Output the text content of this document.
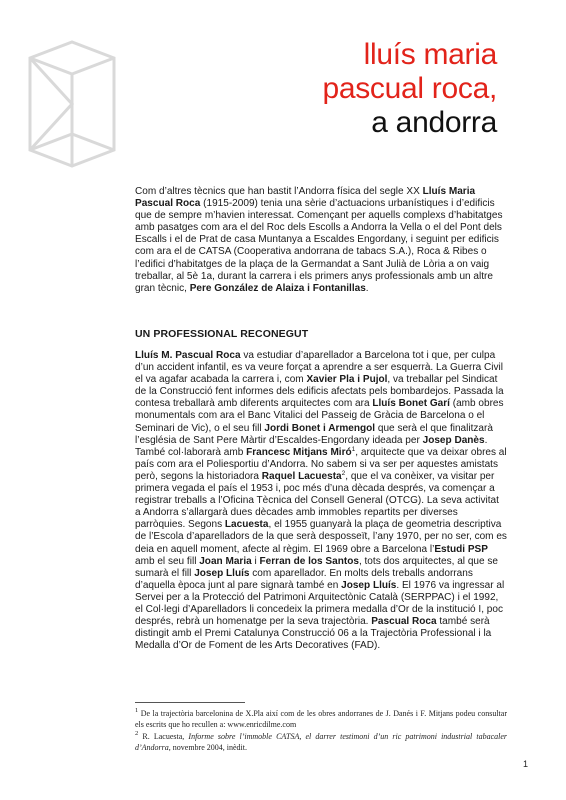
lluís maria
pascual roca,
a andorra

Com d’altres tècnics que han bastit l’Andorra física del segle XX Lluís Maria Pascual Roca (1915-2009) tenia una sèrie d’actuacions urbanístiques i d’edificis que de sempre m’havien interessat. Començant per aquells complexs d’habitatges amb pasatges com ara el del Roc dels Escolls a Andorra la Vella o el del Pont dels Escalls i el de Prat de casa Muntanya a Escaldes Engordany, i seguint per edificis com ara el de CATSA (Cooperativa andorrana de tabacs S.A.), Roca & Ribes o l’edifici d’habitatges de la plaça de la Germandat a Sant Julià de Lòria a on vaig treballar, al 5è 1a, durant la carrera i els primers anys professionals amb un altre gran tècnic, Pere González de Alaiza i Fontanillas.

UN PROFESSIONAL RECONEGUT

Lluís M. Pascual Roca va estudiar d’aparellador a Barcelona tot i que, per culpa d’un accident infantil, es va veure forçat a aprendre a ser esquerrà. La Guerra Civil el va agafar acabada la carrera i, com Xavier Pla i Pujol, va treballar pel Sindicat de la Construcció fent informes dels edificis afectats pels bombardejos. Passada la contesa treballarà amb diferents arquitectes com ara Lluís Bonet Garí (amb obres monumentals com ara el Banc Vitalici del Passeig de Gràcia de Barcelona o el Seminari de Vic), o el seu fill Jordi Bonet i Armengol que serà el que finalitzarà l’església de Sant Pere Màrtir d’Escaldes-Engordany ideada per Josep Danès. També col·laborarà amb Francesc Mitjans Miró$^1$, arquitecte que va deixar obres al país com ara el Poliesportiu d’Andorra. No sabem si va ser per aquestes amistats però, segons la historiadora Raquel Lacuesta$^2$, que el va conèixer, va visitar per primera vegada el país el 1953 i, poc més d’una dècada després, va començar a registrar treballs a l’Oficina Tècnica del Consell General (OTCG). La seva activitat a Andorra s’allargarà dues dècades amb immobles repartits per diverses parròquies. Segons Lacuesta, el 1955 guanyarà la plaça de geometria descriptiva de l’Escola d’aparelladors de la que serà desposseït, l’any 1970, per no ser, com es deia en aquell moment, afecte al règim. El 1969 obre a Barcelona l’Estudi PSP amb el seu fill Joan Maria i Ferran de los Santos, tots dos arquitectes, al que se sumarà el fill Josep Lluís com aparellador. En molts dels treballs andorrans d’aquella època junt al pare signarà també en Josep Lluís. El 1976 va ingressar al Servei per a la Protecció del Patrimoni Arquitectònic Català (SERPPAC) i el 1992, el Col·legi d’Aparelladors li concedeix la primera medalla d’Or de la institució I, poc després, rebrà un homenatge per la seva trajectòria. Pascual Roca també serà distingit amb el Premi Catalunya Construcció 06 a la Trajectòria Professional i la Medalla d’Or de Foment de les Arts Decoratives (FAD).

$^1$ De la trajectòria barcelonina de X.Pla així com de les obres andorranes de J. Danés i F. Mitjans podeu consultar els escrits que ho recullen a: www.enricdilme.com

$^2$ R. Lacuesta, Informe sobre l’immoble CATSA, el darrer testimoni d’un ric patrimoni industrial tabacaler d’Andorra, novembre 2004, inèdit.

1
